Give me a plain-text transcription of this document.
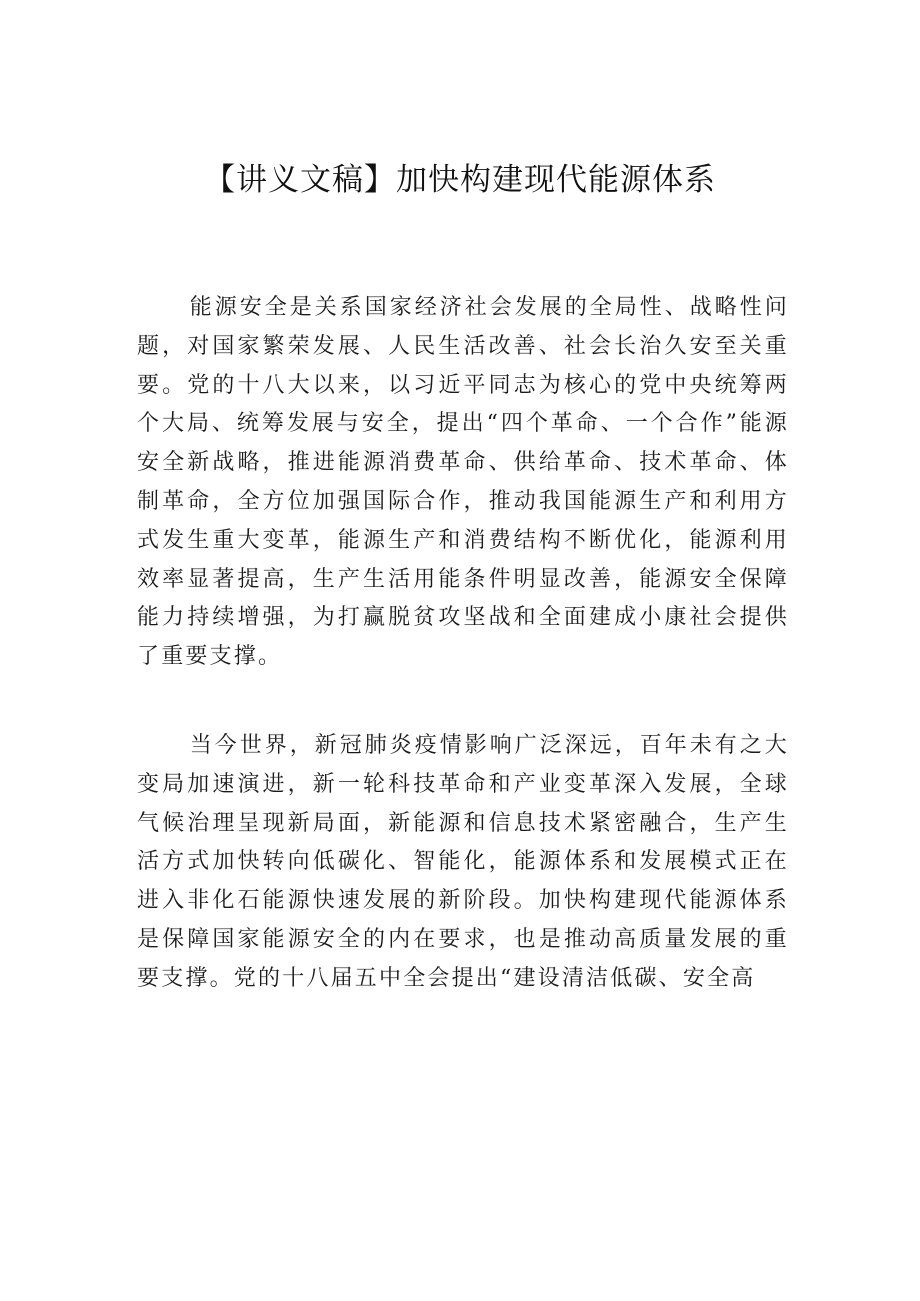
【讲义文稿】加快构建现代能源体系

能源安全是关系国家经济社会发展的全局性、战略性问题，对国家繁荣发展、人民生活改善、社会长治久安至关重要。党的十八大以来，以习近平同志为核心的党中央统筹两个大局、统筹发展与安全，提出“四个革命、一个合作”能源安全新战略，推进能源消费革命、供给革命、技术革命、体制革命，全方位加强国际合作，推动我国能源生产和利用方式发生重大变革，能源生产和消费结构不断优化，能源利用效率显著提高，生产生活用能条件明显改善，能源安全保障能力持续增强，为打赢脱贫攻坚战和全面建成小康社会提供了重要支撑。

当今世界，新冠肺炎疫情影响广泛深远，百年未有之大变局加速演进，新一轮科技革命和产业变革深入发展，全球气候治理呈现新局面，新能源和信息技术紧密融合，生产生活方式加快转向低碳化、智能化，能源体系和发展模式正在进入非化石能源快速发展的新阶段。加快构建现代能源体系是保障国家能源安全的内在要求，也是推动高质量发展的重要支撑。党的十八届五中全会提出“建设清洁低碳、安全高
